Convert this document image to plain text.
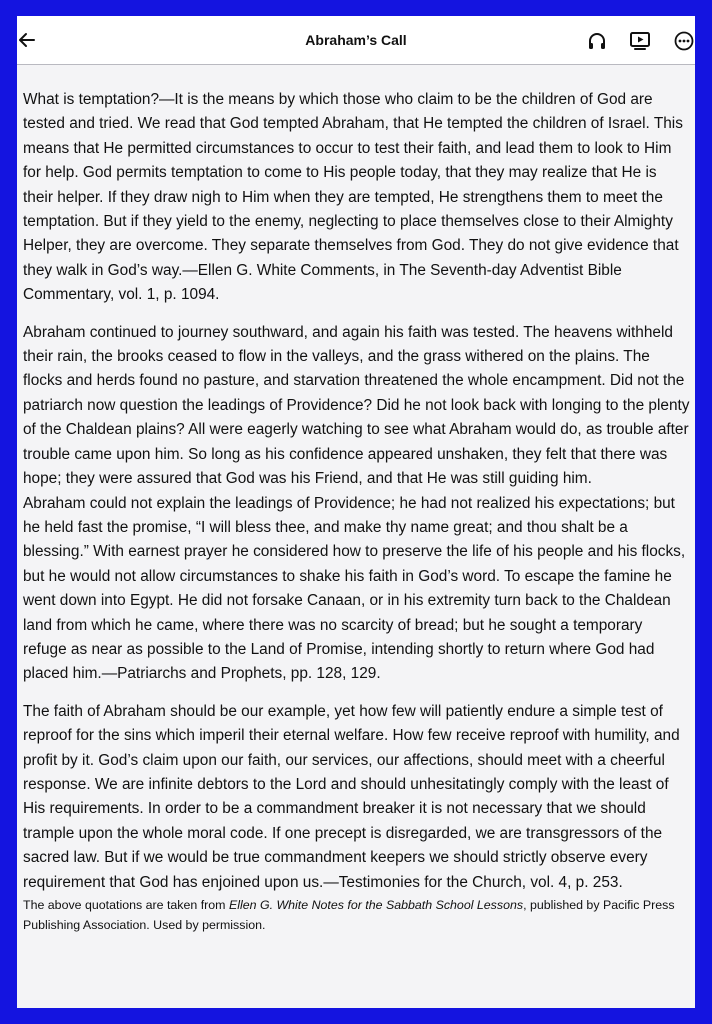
Abraham’s Call

What is temptation?—It is the means by which those who claim to be the children of God are tested and tried. We read that God tempted Abraham, that He tempted the children of Israel. This means that He permitted circumstances to occur to test their faith, and lead them to look to Him for help. God permits temptation to come to His people today, that they may realize that He is their helper. If they draw nigh to Him when they are tempted, He strengthens them to meet the temptation. But if they yield to the enemy, neglecting to place themselves close to their Almighty Helper, they are overcome. They separate themselves from God. They do not give evidence that they walk in God’s way.—Ellen G. White Comments, in The Seventh-day Adventist Bible Commentary, vol. 1, p. 1094.

Abraham continued to journey southward, and again his faith was tested. The heavens withheld their rain, the brooks ceased to flow in the valleys, and the grass withered on the plains. The flocks and herds found no pasture, and starvation threatened the whole encampment. Did not the patriarch now question the leadings of Providence? Did he not look back with longing to the plenty of the Chaldean plains? All were eagerly watching to see what Abraham would do, as trouble after trouble came upon him. So long as his confidence appeared unshaken, they felt that there was hope; they were assured that God was his Friend, and that He was still guiding him.

Abraham could not explain the leadings of Providence; he had not realized his expectations; but he held fast the promise, “I will bless thee, and make thy name great; and thou shalt be a blessing.” With earnest prayer he considered how to preserve the life of his people and his flocks, but he would not allow circumstances to shake his faith in God’s word. To escape the famine he went down into Egypt. He did not forsake Canaan, or in his extremity turn back to the Chaldean land from which he came, where there was no scarcity of bread; but he sought a temporary refuge as near as possible to the Land of Promise, intending shortly to return where God had placed him.—Patriarchs and Prophets, pp. 128, 129.

The faith of Abraham should be our example, yet how few will patiently endure a simple test of reproof for the sins which imperil their eternal welfare. How few receive reproof with humility, and profit by it. God’s claim upon our faith, our services, our affections, should meet with a cheerful response. We are infinite debtors to the Lord and should unhesitatingly comply with the least of His requirements. In order to be a commandment breaker it is not necessary that we should trample upon the whole moral code. If one precept is disregarded, we are transgressors of the sacred law. But if we would be true commandment keepers we should strictly observe every requirement that God has enjoined upon us.—Testimonies for the Church, vol. 4, p. 253.

The above quotations are taken from Ellen G. White Notes for the Sabbath School Lessons, published by Pacific Press Publishing Association. Used by permission.
